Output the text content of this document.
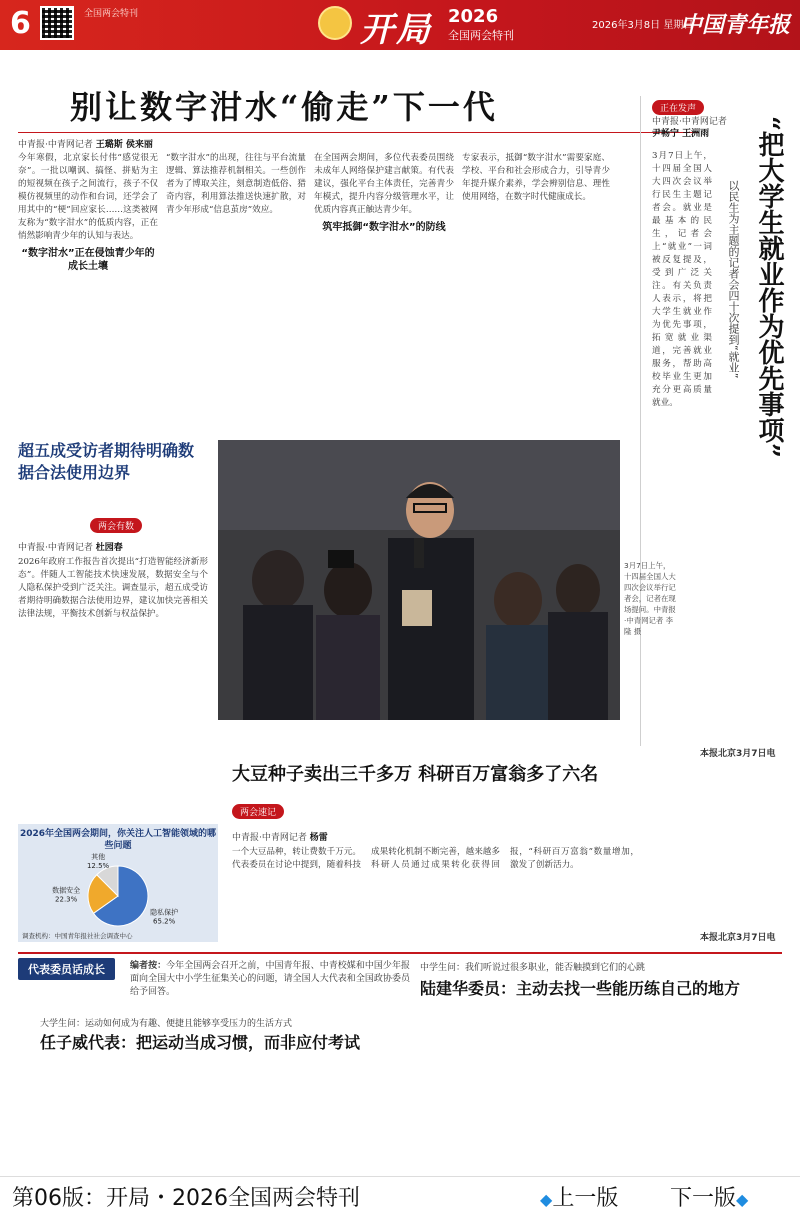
6	全国两会特刊	开局 2026
全国两会特刊
2026年3月8日 星期日
中国青年报
别让数字泔水“偷走”下一代
中青报·中青网记者 王璐斯 侯来丽

今年寒假，北京家长付伟“感觉很无奈”。一批以嘲讽、搞怪、拼贴为主的短视频在孩子之间流行，孩子不仅模仿视频里的动作和台词，还学会了用其中的“梗”回应家长……这类被网友称为“数字泔水”的低质内容，正在悄然影响青少年的认知与表达。

“数字泔水”正在侵蚀青少年的成长土壤

“数字泔水”的出现，往往与平台流量逻辑、算法推荐机制相关。一些创作者为了博取关注，刻意制造低俗、猎奇内容，利用算法推送快速扩散，对青少年形成“信息茧房”效应。

在全国两会期间，多位代表委员围绕未成年人网络保护建言献策。有代表建议，强化平台主体责任，完善青少年模式，提升内容分级管理水平，让优质内容真正触达青少年。

筑牢抵御“数字泔水”的防线

专家表示，抵御“数字泔水”需要家庭、学校、平台和社会形成合力，引导青少年提升媒介素养，学会辨别信息、理性使用网络，在数字时代健康成长。

正在发声
中青报·中青网记者
尹畅宁 王洲雨	“把大学生就业作为优先事项”
以民生为主题的记者会四十次提到“就业”

3月7日上午，十四届全国人大四次会议举行民生主题记者会。就业是最基本的民生，记者会上“就业”一词被反复提及，受到广泛关注。有关负责人表示，将把大学生就业作为优先事项，拓宽就业渠道，完善就业服务，帮助高校毕业生更加充分更高质量就业。

本报北京3月7日电
超五成受访者期待明确数据合法使用边界
两会有数
中青报·中青网记者 杜园春

2026年政府工作报告首次提出“打造智能经济新形态”。伴随人工智能技术快速发展，数据安全与个人隐私保护受到广泛关注。调查显示，超五成受访者期待明确数据合法使用边界，建议加快完善相关法律法规，平衡技术创新与权益保护。

3月7日上午，十四届全国人大四次会议举行记者会，记者在现场提问。中青报·中青网记者 李隆 摄
大豆种子卖出三千多万 科研百万富翁多了六名
两会速记
中青报·中青网记者 杨雷

一个大豆品种，转让费数千万元。代表委员在讨论中提到，随着科技成果转化机制不断完善，越来越多科研人员通过成果转化获得回报，“科研百万富翁”数量增加，激发了创新活力。

本报北京3月7日电
2026年全国两会期间，你关注人工智能领域的哪些问题
隐私保护
65.2%
数据安全
22.3%
其他
12.5%
调查机构：中国青年报社社会调查中心
代表委员话成长	编者按：今年全国两会召开之前，中国青年报、中青校媒和中国少年报面向全国大中小学生征集关心的问题，请全国人大代表和全国政协委员给予回答。
中学生问：我们听说过很多职业，能否触摸到它们的心跳
陆建华委员：主动去找一些能历练自己的地方
大学生问：运动如何成为有趣、便捷且能够享受压力的生活方式
任子威代表：把运动当成习惯，而非应付考试
第06版：开局・2026全国两会特刊	◆上一版 下一版◆
